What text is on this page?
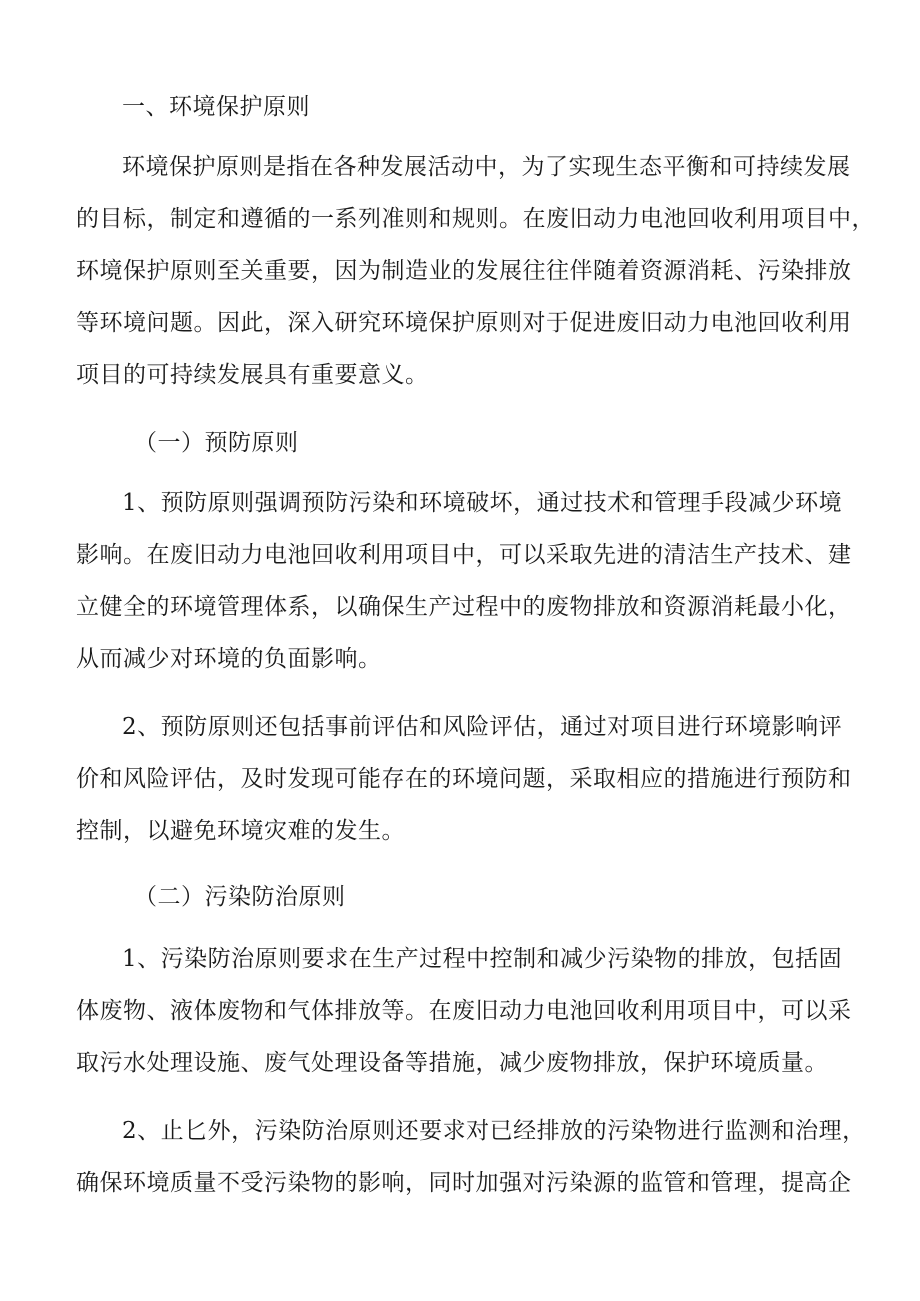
一、环境保护原则
环境保护原则是指在各种发展活动中，为了实现生态平衡和可持续发展
的目标，制定和遵循的一系列准则和规则。在废旧动力电池回收利用项目中，
环境保护原则至关重要，因为制造业的发展往往伴随着资源消耗、污染排放
等环境问题。因此，深入研究环境保护原则对于促进废旧动力电池回收利用
项目的可持续发展具有重要意义。
（一）预防原则
1、预防原则强调预防污染和环境破坏，通过技术和管理手段减少环境
影响。在废旧动力电池回收利用项目中，可以采取先进的清洁生产技术、建
立健全的环境管理体系，以确保生产过程中的废物排放和资源消耗最小化，
从而减少对环境的负面影响。
2、预防原则还包括事前评估和风险评估，通过对项目进行环境影响评
价和风险评估，及时发现可能存在的环境问题，采取相应的措施进行预防和
控制，以避免环境灾难的发生。
（二）污染防治原则
1、污染防治原则要求在生产过程中控制和减少污染物的排放，包括固
体废物、液体废物和气体排放等。在废旧动力电池回收利用项目中，可以采
取污水处理设施、废气处理设备等措施，减少废物排放，保护环境质量。
2、止匕外，污染防治原则还要求对已经排放的污染物进行监测和治理，
确保环境质量不受污染物的影响，同时加强对污染源的监管和管理，提高企
